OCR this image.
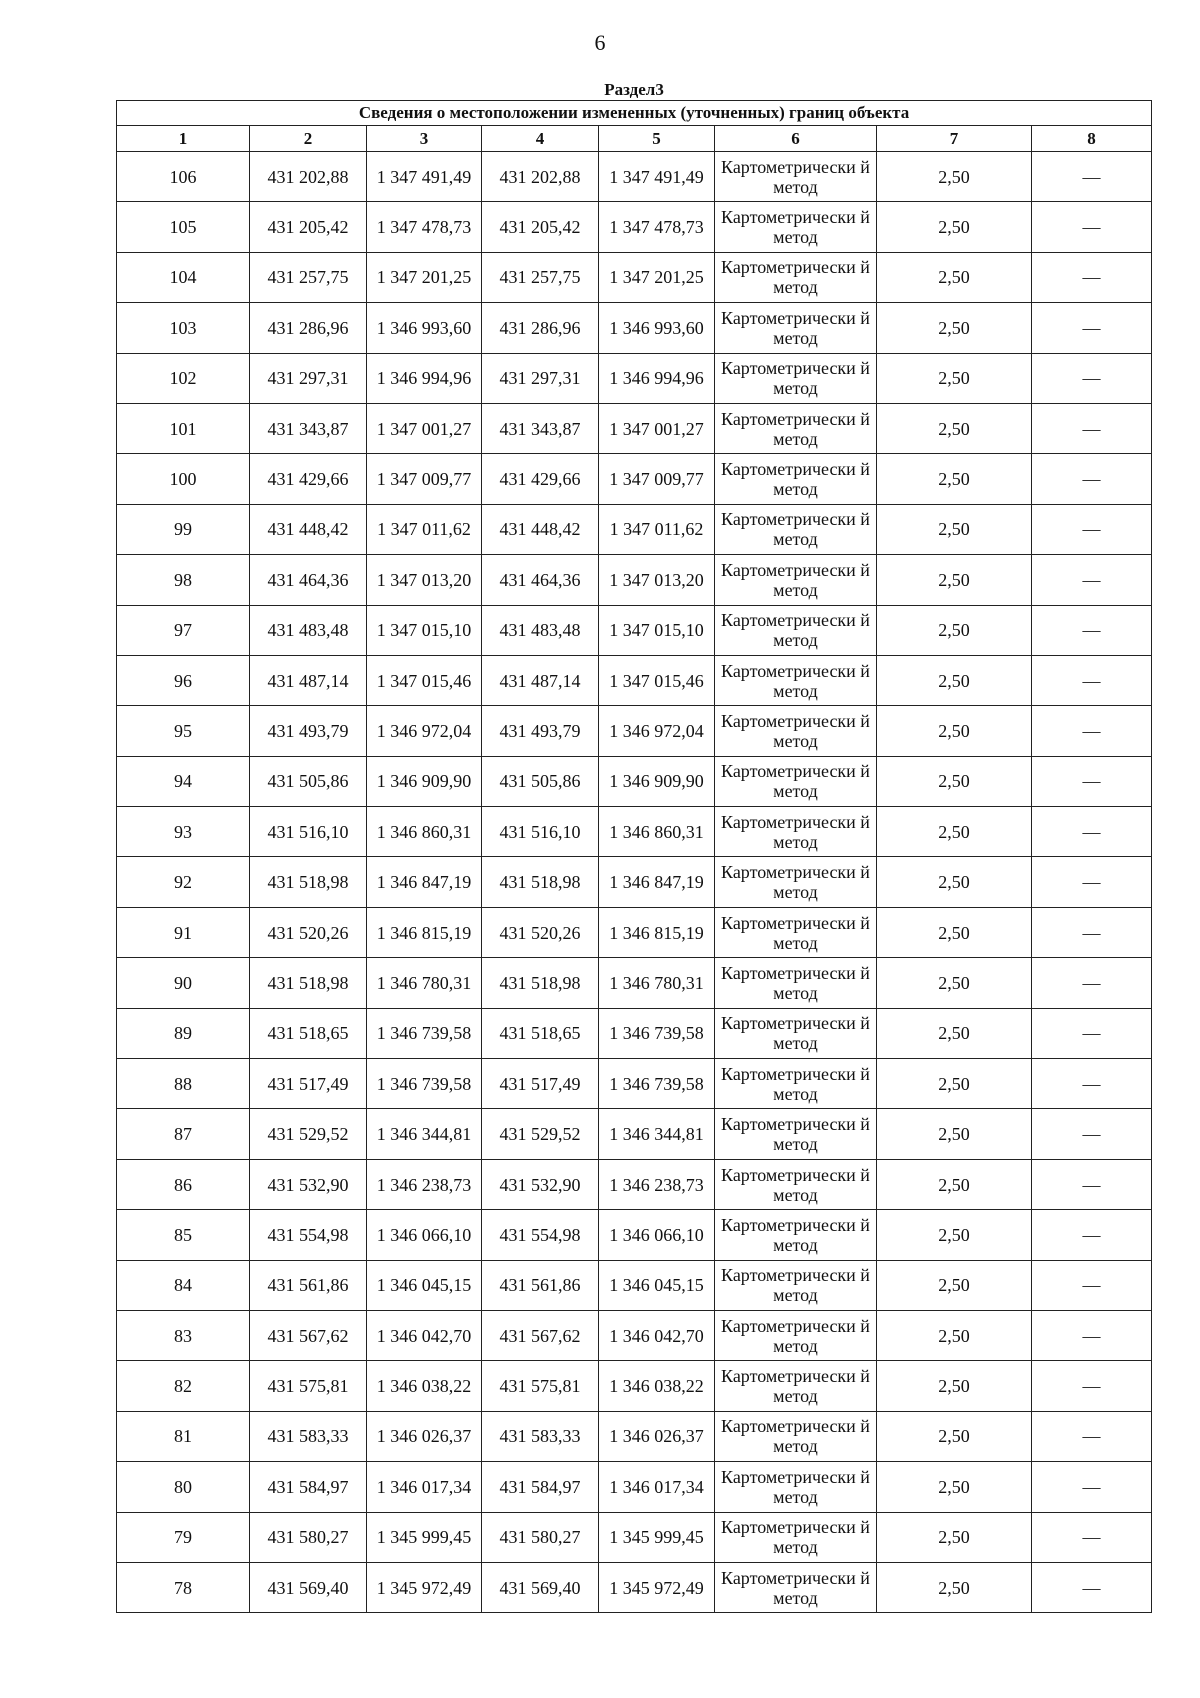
6
Раздел3							
Сведения о местоположении измененных (уточненных) границ объекта							
1	2	3	4	5	6	7	8
106	431 202,88	1 347 491,49	431 202,88	1 347 491,49	Картометрически й метод	2,50	—
105	431 205,42	1 347 478,73	431 205,42	1 347 478,73	Картометрически й метод	2,50	—
104	431 257,75	1 347 201,25	431 257,75	1 347 201,25	Картометрически й метод	2,50	—
103	431 286,96	1 346 993,60	431 286,96	1 346 993,60	Картометрически й метод	2,50	—
102	431 297,31	1 346 994,96	431 297,31	1 346 994,96	Картометрически й метод	2,50	—
101	431 343,87	1 347 001,27	431 343,87	1 347 001,27	Картометрически й метод	2,50	—
100	431 429,66	1 347 009,77	431 429,66	1 347 009,77	Картометрически й метод	2,50	—
99	431 448,42	1 347 011,62	431 448,42	1 347 011,62	Картометрически й метод	2,50	—
98	431 464,36	1 347 013,20	431 464,36	1 347 013,20	Картометрически й метод	2,50	—
97	431 483,48	1 347 015,10	431 483,48	1 347 015,10	Картометрически й метод	2,50	—
96	431 487,14	1 347 015,46	431 487,14	1 347 015,46	Картометрически й метод	2,50	—
95	431 493,79	1 346 972,04	431 493,79	1 346 972,04	Картометрически й метод	2,50	—
94	431 505,86	1 346 909,90	431 505,86	1 346 909,90	Картометрически й метод	2,50	—
93	431 516,10	1 346 860,31	431 516,10	1 346 860,31	Картометрически й метод	2,50	—
92	431 518,98	1 346 847,19	431 518,98	1 346 847,19	Картометрически й метод	2,50	—
91	431 520,26	1 346 815,19	431 520,26	1 346 815,19	Картометрически й метод	2,50	—
90	431 518,98	1 346 780,31	431 518,98	1 346 780,31	Картометрически й метод	2,50	—
89	431 518,65	1 346 739,58	431 518,65	1 346 739,58	Картометрически й метод	2,50	—
88	431 517,49	1 346 739,58	431 517,49	1 346 739,58	Картометрически й метод	2,50	—
87	431 529,52	1 346 344,81	431 529,52	1 346 344,81	Картометрически й метод	2,50	—
86	431 532,90	1 346 238,73	431 532,90	1 346 238,73	Картометрически й метод	2,50	—
85	431 554,98	1 346 066,10	431 554,98	1 346 066,10	Картометрически й метод	2,50	—
84	431 561,86	1 346 045,15	431 561,86	1 346 045,15	Картометрически й метод	2,50	—
83	431 567,62	1 346 042,70	431 567,62	1 346 042,70	Картометрически й метод	2,50	—
82	431 575,81	1 346 038,22	431 575,81	1 346 038,22	Картометрически й метод	2,50	—
81	431 583,33	1 346 026,37	431 583,33	1 346 026,37	Картометрически й метод	2,50	—
80	431 584,97	1 346 017,34	431 584,97	1 346 017,34	Картометрически й метод	2,50	—
79	431 580,27	1 345 999,45	431 580,27	1 345 999,45	Картометрически й метод	2,50	—
78	431 569,40	1 345 972,49	431 569,40	1 345 972,49	Картометрически й метод	2,50	—
